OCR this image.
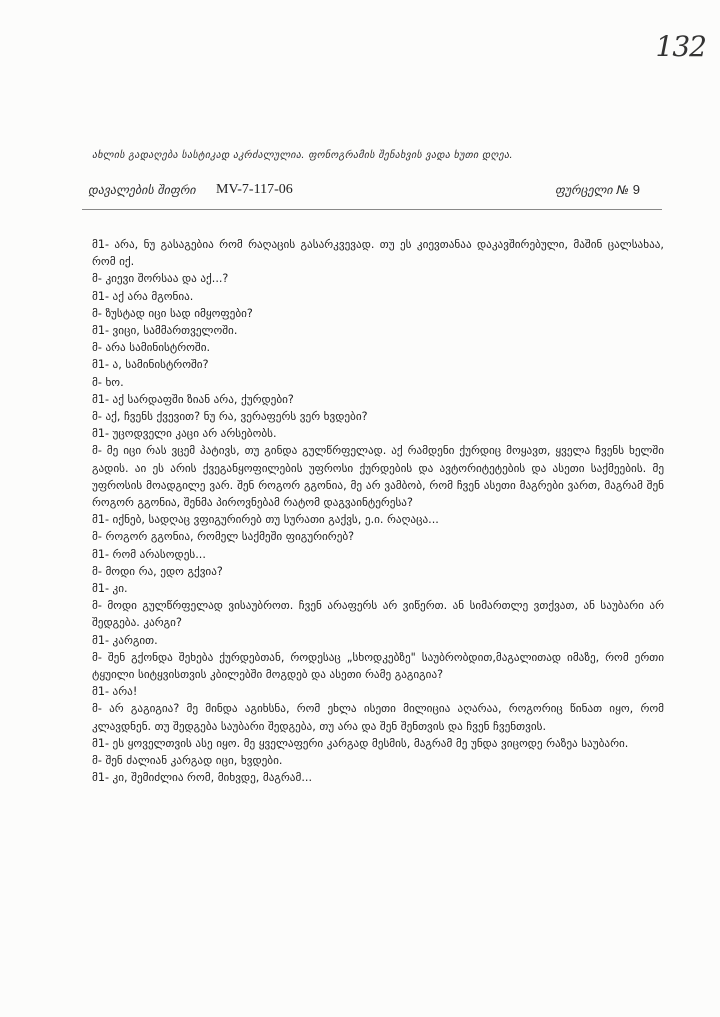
132
ახლის გადაღება სასტიკად აკრძალულია. ფონოგრამის შენახვის ვადა ხუთი დღეა.
დავალების შიფრი MV-7-117-06	ფურცელი № 9

მ1- არა, ნუ გასაგებია რომ რაღაცის გასარკვევად. თუ ეს კიევთანაა დაკავშირებული, მაშინ ცალსახაა, რომ იქ.

მ- კიევი შორსაა და აქ...?

მ1- აქ არა მგონია.

მ- ზუსტად იცი სად იმყოფები?

მ1- ვიცი, სამმართველოში.

მ- არა სამინისტროში.

მ1- ა, სამინისტროში?

მ- ხო.

მ1- აქ სარდაფში ზიან არა, ქურდები?

მ- აქ, ჩვენს ქვევით? ნუ რა, ვერაფერს ვერ ხვდები?

მ1- უცოდველი კაცი არ არსებობს.

მ- მე იცი რას ვცემ პატივს, თუ გინდა გულწრფელად. აქ რამდენი ქურდიც მოყავთ, ყველა ჩვენს ხელში გადის. აი ეს არის ქვეგანყოფილების უფროსი ქურდების და ავტორიტეტების და ასეთი საქმეების. მე უფროსის მოადგილე ვარ. შენ როგორ გგონია, მე არ ვამბობ, რომ ჩვენ ასეთი მაგრები ვართ, მაგრამ შენ როგორ გგონია, შენმა პიროვნებამ რატომ დაგვაინტერესა?

მ1- იქნებ, სადღაც ვფიგურირებ თუ სურათი გაქვს, ე.ი. რაღაცა...

მ- როგორ გგონია, რომელ საქმეში ფიგურირებ?

მ1- რომ არასოდეს...

მ- მოდი რა, ედო გქვია?

მ1- კი.

მ- მოდი გულწრფელად ვისაუბროთ. ჩვენ არაფერს არ ვიწერთ. ან სიმართლე ვთქვათ, ან საუბარი არ შედგება. კარგი?

მ1- კარგით.

მ- შენ გქონდა შეხება ქურდებთან, როდესაც „სხოდკებზე" საუბრობდით,მაგალითად იმაზე, რომ ერთი ტყუილი სიტყვისთვის კბილებში მოგდებ და ასეთი რამე გაგიგია?

მ1- არა!

მ- არ გაგიგია? მე მინდა აგიხსნა, რომ ეხლა ისეთი მილიცია აღარაა, როგორიც წინათ იყო, რომ კლავდნენ. თუ შედგება საუბარი შედგება, თუ არა და შენ შენთვის და ჩვენ ჩვენთვის.

მ1- ეს ყოველთვის ასე იყო. მე ყველაფერი კარგად მესმის, მაგრამ მე უნდა ვიცოდე რაზეა საუბარი.

მ- შენ ძალიან კარგად იცი, ხვდები.

მ1- კი, შემიძლია რომ, მიხვდე, მაგრამ...
